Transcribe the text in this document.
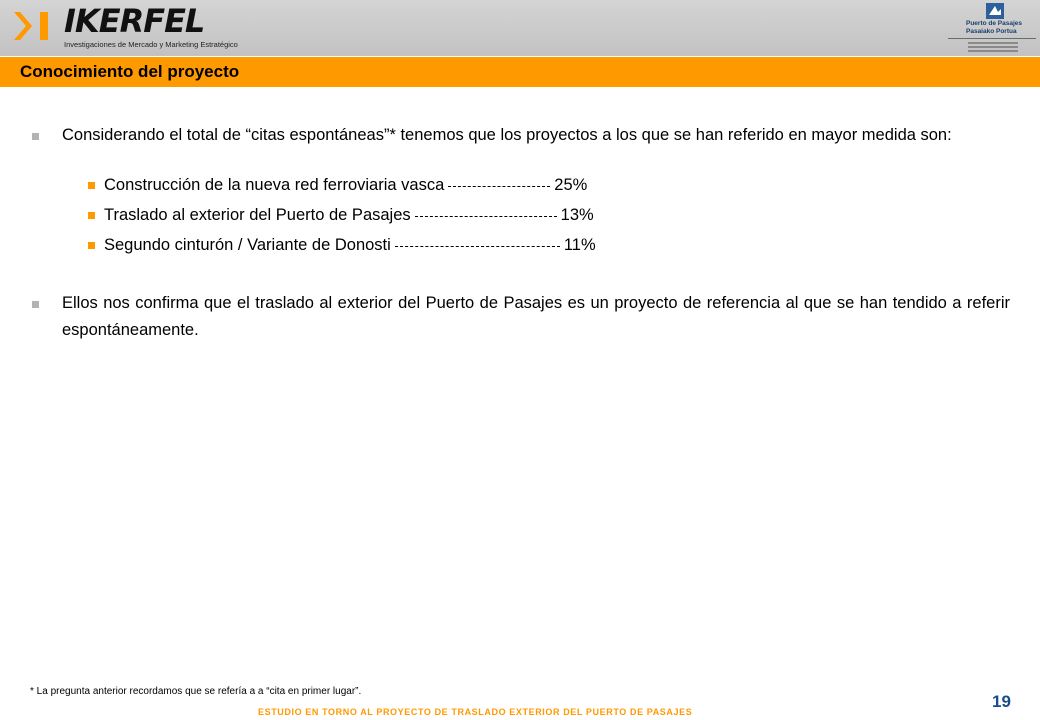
IKERFEL
Investigaciones de Mercado y Marketing Estratégico
Puerto de Pasajes
Pasaiako Portua
Conocimiento del proyecto
Considerando el total de “citas espontáneas”* tenemos que los proyectos a los que se han referido en mayor medida son:
Construcción de la nueva red ferroviaria vasca	25%
Traslado al exterior del Puerto de Pasajes	13%
Segundo cinturón / Variante de Donosti	11%
Ellos nos confirma que el traslado al exterior del Puerto de Pasajes es un proyecto de referencia al que se han tendido a referir espontáneamente.
* La pregunta anterior recordamos que se refería a a “cita en primer lugar”.
19
ESTUDIO EN TORNO AL PROYECTO DE TRASLADO EXTERIOR DEL PUERTO DE PASAJES
